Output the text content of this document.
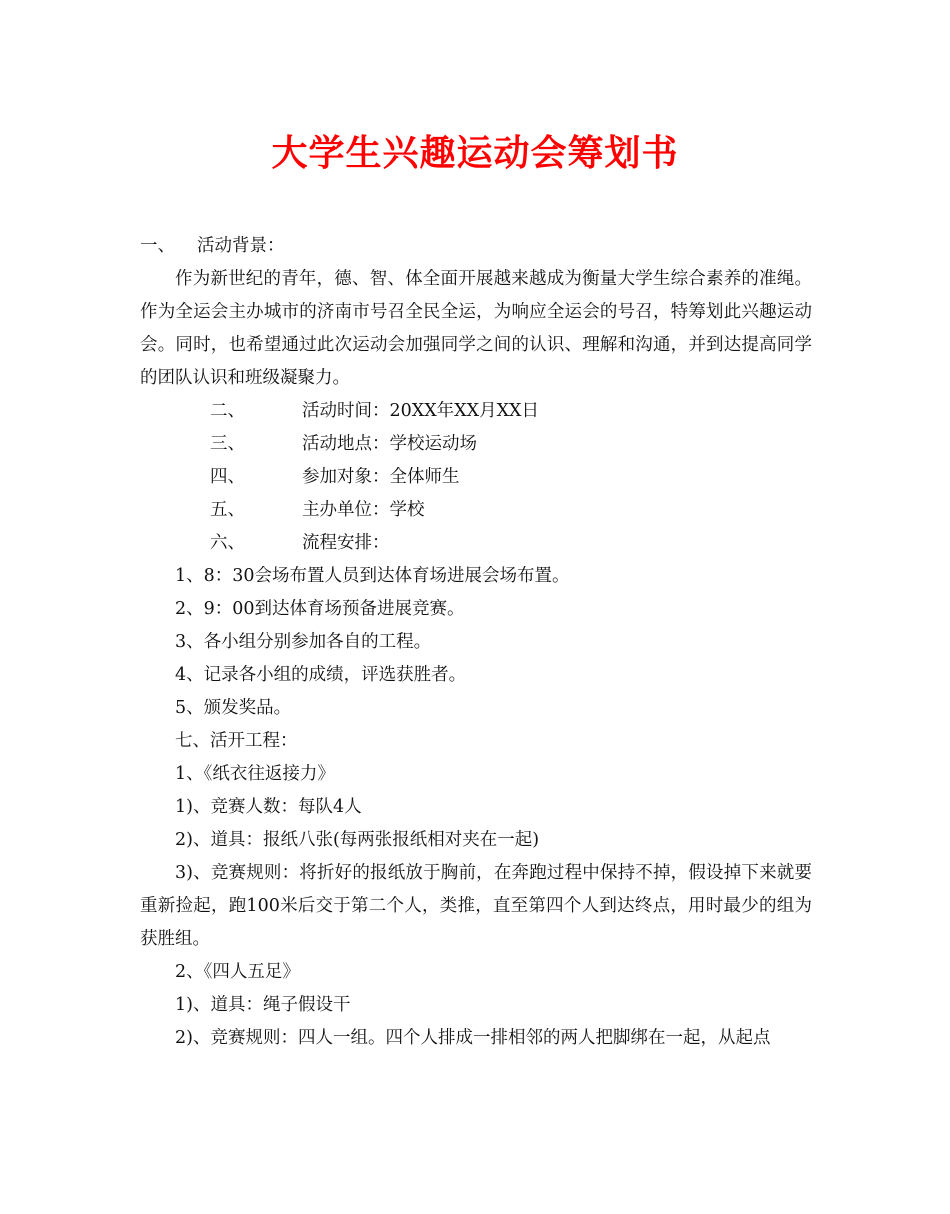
大学生兴趣运动会筹划书

一、 活动背景：

作为新世纪的青年，德、智、体全面开展越来越成为衡量大学生综合素养的准绳。作为全运会主办城市的济南市号召全民全运，为响应全运会的号召，特筹划此兴趣运动会。同时，也希望通过此次运动会加强同学之间的认识、理解和沟通，并到达提高同学的团队认识和班级凝聚力。

二、	活动时间：20XX年XX月XX日

三、	活动地点：学校运动场

四、	参加对象：全体师生

五、	主办单位：学校

六、	流程安排：

1、8：30会场布置人员到达体育场进展会场布置。

2、9：00到达体育场预备进展竞赛。

3、各小组分别参加各自的工程。

4、记录各小组的成绩，评选获胜者。

5、颁发奖品。

七、活开工程：

1、《纸衣往返接力》

1)、竞赛人数：每队4人

2)、道具：报纸八张(每两张报纸相对夹在一起)

3)、竞赛规则：将折好的报纸放于胸前，在奔跑过程中保持不掉，假设掉下来就要重新捡起，跑100米后交于第二个人，类推，直至第四个人到达终点，用时最少的组为获胜组。

2、《四人五足》

1)、道具：绳子假设干

2)、竞赛规则：四人一组。四个人排成一排相邻的两人把脚绑在一起，从起点
